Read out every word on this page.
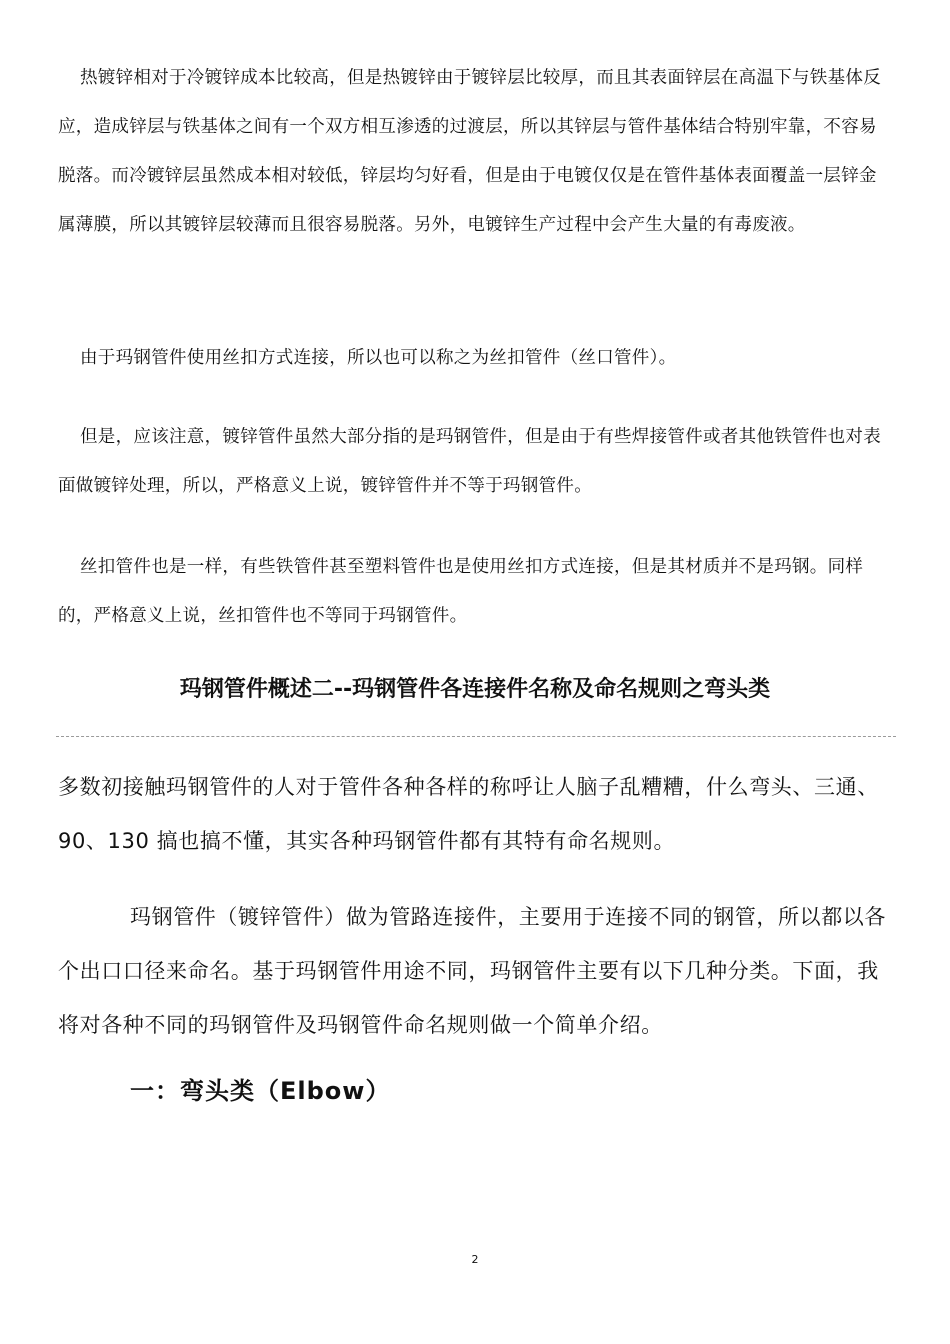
热镀锌相对于冷镀锌成本比较高，但是热镀锌由于镀锌层比较厚，而且其表面锌层在高温下与铁基体反应，造成锌层与铁基体之间有一个双方相互渗透的过渡层，所以其锌层与管件基体结合特别牢靠，不容易脱落。而冷镀锌层虽然成本相对较低，锌层均匀好看，但是由于电镀仅仅是在管件基体表面覆盖一层锌金属薄膜，所以其镀锌层较薄而且很容易脱落。另外，电镀锌生产过程中会产生大量的有毒废液。

由于玛钢管件使用丝扣方式连接，所以也可以称之为丝扣管件（丝口管件）。

但是，应该注意，镀锌管件虽然大部分指的是玛钢管件，但是由于有些焊接管件或者其他铁管件也对表面做镀锌处理，所以，严格意义上说，镀锌管件并不等于玛钢管件。

丝扣管件也是一样，有些铁管件甚至塑料管件也是使用丝扣方式连接，但是其材质并不是玛钢。同样的，严格意义上说，丝扣管件也不等同于玛钢管件。

玛钢管件概述二--玛钢管件各连接件名称及命名规则之弯头类

多数初接触玛钢管件的人对于管件各种各样的称呼让人脑子乱糟糟，什么弯头、三通、90、130 搞也搞不懂，其实各种玛钢管件都有其特有命名规则。

玛钢管件（镀锌管件）做为管路连接件，主要用于连接不同的钢管，所以都以各个出口口径来命名。基于玛钢管件用途不同，玛钢管件主要有以下几种分类。下面，我将对各种不同的玛钢管件及玛钢管件命名规则做一个简单介绍。

一：弯头类（Elbow）
2
